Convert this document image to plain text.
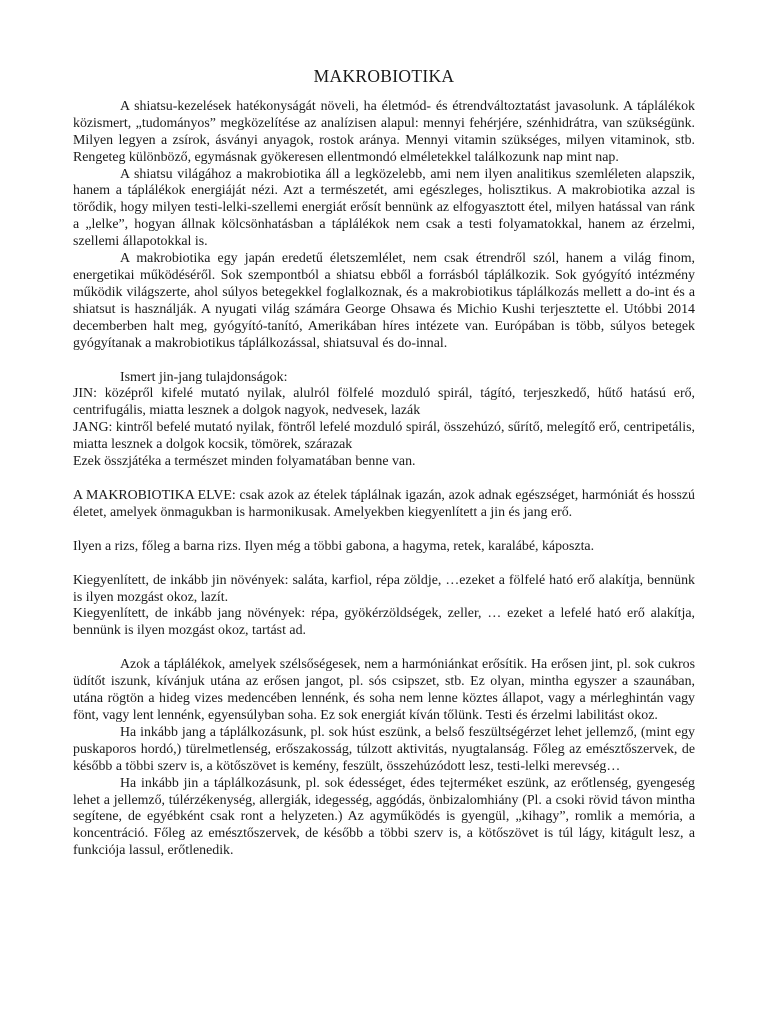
MAKROBIOTIKA

A shiatsu-kezelések hatékonyságát növeli, ha életmód- és étrendváltoztatást javasolunk. A táplálékok közismert, „tudományos” megközelítése az analízisen alapul: mennyi fehérjére, szénhidrátra, van szükségünk. Milyen legyen a zsírok, ásványi anyagok, rostok aránya. Mennyi vitamin szükséges, milyen vitaminok, stb. Rengeteg különböző, egymásnak gyökeresen ellentmondó elméletekkel találkozunk nap mint nap.

A shiatsu világához a makrobiotika áll a legközelebb, ami nem ilyen analitikus szemléleten alapszik, hanem a táplálékok energiáját nézi. Azt a természetét, ami egészleges, holisztikus. A makrobiotika azzal is törődik, hogy milyen testi-lelki-szellemi energiát erősít bennünk az elfogyasztott étel, milyen hatással van ránk a „lelke”, hogyan állnak kölcsönhatásban a táplálékok nem csak a testi folyamatokkal, hanem az érzelmi, szellemi állapotokkal is.

A makrobiotika egy japán eredetű életszemlélet, nem csak étrendről szól, hanem a világ finom, energetikai működéséről. Sok szempontból a shiatsu ebből a forrásból táplálkozik. Sok gyógyító intézmény működik világszerte, ahol súlyos betegekkel foglalkoznak, és a makrobiotikus táplálkozás mellett a do-int és a shiatsut is használják. A nyugati világ számára George Ohsawa és Michio Kushi terjesztette el. Utóbbi 2014 decemberben halt meg, gyógyító-tanító, Amerikában híres intézete van. Európában is több, súlyos betegek gyógyítanak a makrobiotikus táplálkozással, shiatsuval és do-innal.

Ismert jin-jang tulajdonságok:

JIN: középről kifelé mutató nyilak, alulról fölfelé mozduló spirál, tágító, terjeszkedő, hűtő hatású erő, centrifugális, miatta lesznek a dolgok nagyok, nedvesek, lazák

JANG: kintről befelé mutató nyilak, föntről lefelé mozduló spirál, összehúzó, sűrítő, melegítő erő, centripetális, miatta lesznek a dolgok kocsik, tömörek, szárazak

Ezek összjátéka a természet minden folyamatában benne van.

A MAKROBIOTIKA ELVE: csak azok az ételek táplálnak igazán, azok adnak egészséget, harmóniát és hosszú életet, amelyek önmagukban is harmonikusak. Amelyekben kiegyenlített a jin és jang erő.

Ilyen a rizs, főleg a barna rizs. Ilyen még a többi gabona, a hagyma, retek, karalábé, káposzta.

Kiegyenlített, de inkább jin növények: saláta, karfiol, répa zöldje, …ezeket a fölfelé ható erő alakítja, bennünk is ilyen mozgást okoz, lazít.

Kiegyenlített, de inkább jang növények: répa, gyökérzöldségek, zeller, … ezeket a lefelé ható erő alakítja, bennünk is ilyen mozgást okoz, tartást ad.

Azok a táplálékok, amelyek szélsőségesek, nem a harmóniánkat erősítik. Ha erősen jint, pl. sok cukros üdítőt iszunk, kívánjuk utána az erősen jangot, pl. sós csipszet, stb. Ez olyan, mintha egyszer a szaunában, utána rögtön a hideg vizes medencében lennénk, és soha nem lenne köztes állapot, vagy a mérleghintán vagy fönt, vagy lent lennénk, egyensúlyban soha. Ez sok energiát kíván tőlünk. Testi és érzelmi labilitást okoz.

Ha inkább jang a táplálkozásunk, pl. sok húst eszünk, a belső feszültségérzet lehet jellemző, (mint egy puskaporos hordó,) türelmetlenség, erőszakosság, túlzott aktivitás, nyugtalanság. Főleg az emésztőszervek, de később a többi szerv is, a kötőszövet is kemény, feszült, összehúzódott lesz, testi-lelki merevség…

Ha inkább jin a táplálkozásunk, pl. sok édességet, édes tejterméket eszünk, az erőtlenség, gyengeség lehet a jellemző, túlérzékenység, allergiák, idegesség, aggódás, önbizalomhiány (Pl. a csoki rövid távon mintha segítene, de egyébként csak ront a helyzeten.) Az agyműködés is gyengül, „kihagy”, romlik a memória, a koncentráció. Főleg az emésztőszervek, de később a többi szerv is, a kötőszövet is túl lágy, kitágult lesz, a funkciója lassul, erőtlenedik.
